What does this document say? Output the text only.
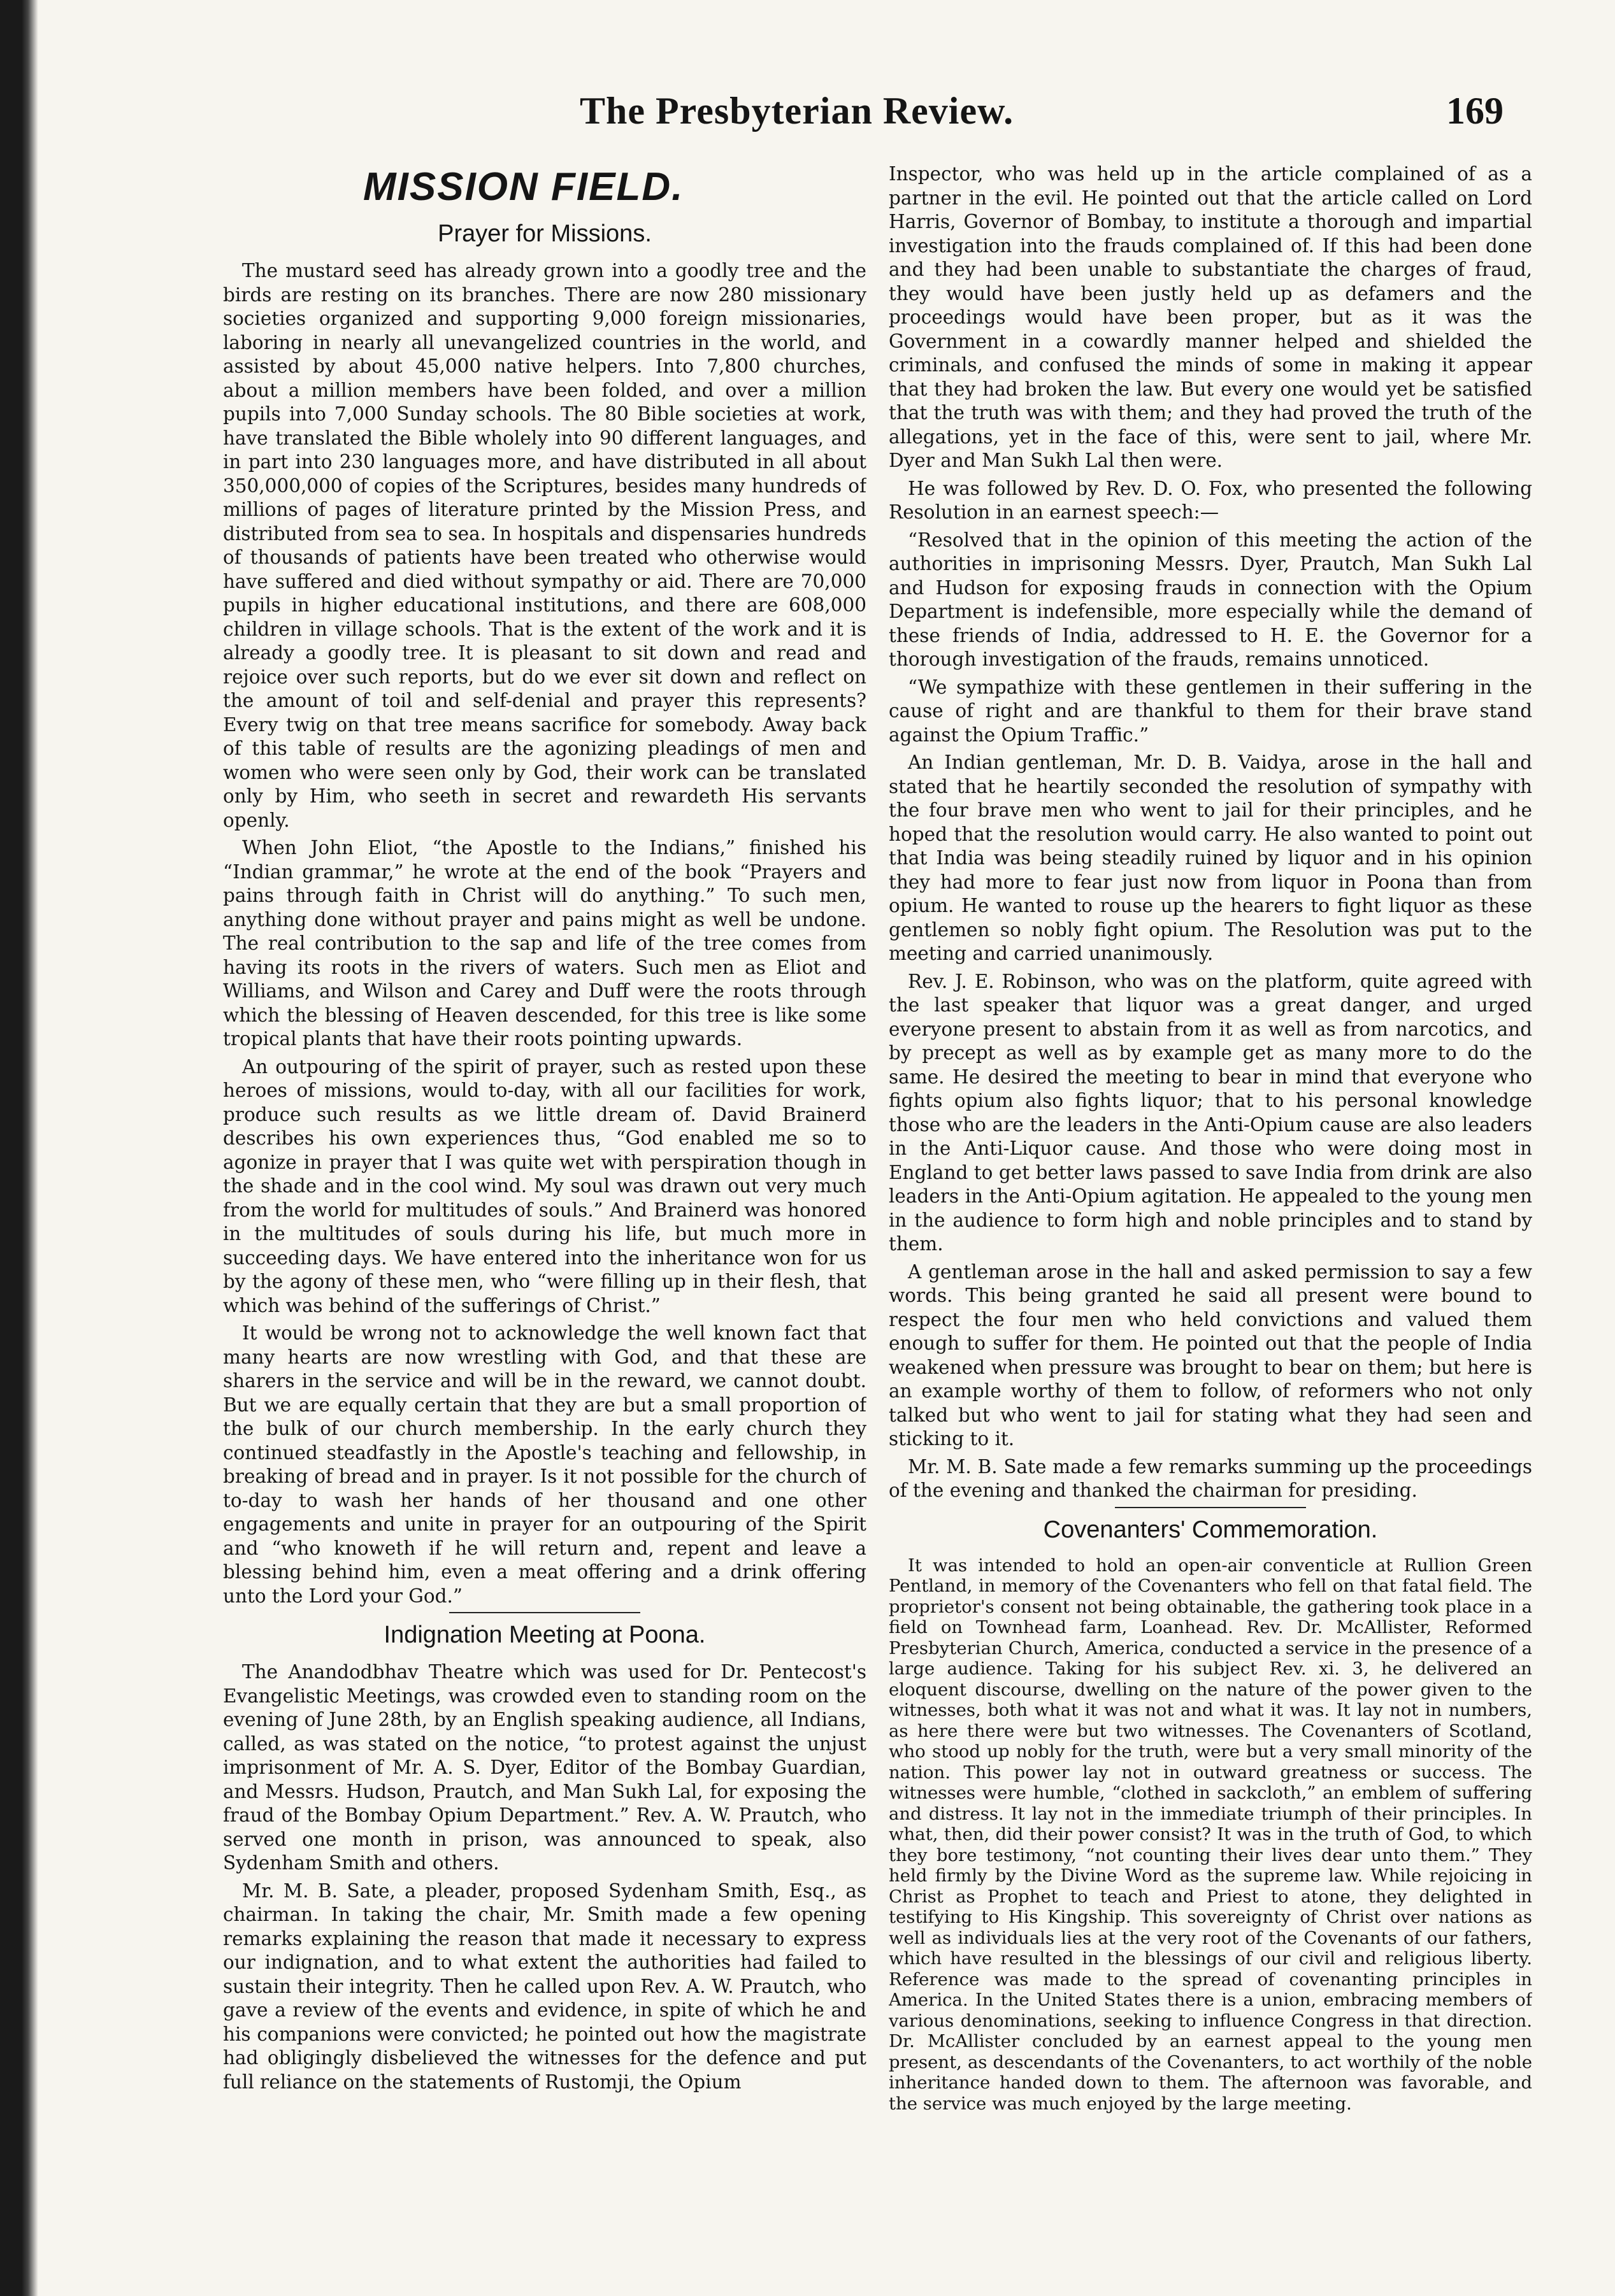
The Presbyterian Review.	169
MISSION FIELD.
Prayer for Missions.

The mustard seed has already grown into a goodly tree and the birds are resting on its branches. There are now 280 missionary societies organized and supporting 9,000 foreign missionaries, laboring in nearly all unevangelized countries in the world, and assisted by about 45,000 native helpers. Into 7,800 churches, about a million members have been folded, and over a million pupils into 7,000 Sunday schools. The 80 Bible societies at work, have translated the Bible wholely into 90 different languages, and in part into 230 languages more, and have distributed in all about 350,000,000 of copies of the Scriptures, besides many hundreds of millions of pages of literature printed by the Mission Press, and distributed from sea to sea. In hospitals and dispensaries hundreds of thousands of patients have been treated who otherwise would have suffered and died without sympathy or aid. There are 70,000 pupils in higher educational institutions, and there are 608,000 children in village schools. That is the extent of the work and it is already a goodly tree. It is pleasant to sit down and read and rejoice over such reports, but do we ever sit down and reflect on the amount of toil and self-denial and prayer this represents? Every twig on that tree means sacrifice for somebody. Away back of this table of results are the agonizing pleadings of men and women who were seen only by God, their work can be translated only by Him, who seeth in secret and rewardeth His servants openly.

When John Eliot, “the Apostle to the Indians,” finished his “Indian grammar,” he wrote at the end of the book “Prayers and pains through faith in Christ will do anything.” To such men, anything done without prayer and pains might as well be undone. The real contribution to the sap and life of the tree comes from having its roots in the rivers of waters. Such men as Eliot and Williams, and Wilson and Carey and Duff were the roots through which the blessing of Heaven descended, for this tree is like some tropical plants that have their roots pointing upwards.

An outpouring of the spirit of prayer, such as rested upon these heroes of missions, would to-day, with all our facilities for work, produce such results as we little dream of. David Brainerd describes his own experiences thus, “God enabled me so to agonize in prayer that I was quite wet with perspiration though in the shade and in the cool wind. My soul was drawn out very much from the world for multitudes of souls.” And Brainerd was honored in the multitudes of souls during his life, but much more in succeeding days. We have entered into the inheritance won for us by the agony of these men, who “were filling up in their flesh, that which was behind of the sufferings of Christ.”

It would be wrong not to acknowledge the well known fact that many hearts are now wrestling with God, and that these are sharers in the service and will be in the reward, we cannot doubt. But we are equally certain that they are but a small proportion of the bulk of our church membership. In the early church they continued steadfastly in the Apostle's teaching and fellowship, in breaking of bread and in prayer. Is it not possible for the church of to-day to wash her hands of her thousand and one other engagements and unite in prayer for an outpouring of the Spirit and “who knoweth if he will return and, repent and leave a blessing behind him, even a meat offering and a drink offering unto the Lord your God.”

Indignation Meeting at Poona.

The Anandodbhav Theatre which was used for Dr. Pentecost's Evangelistic Meetings, was crowded even to standing room on the evening of June 28th, by an English speaking audience, all Indians, called, as was stated on the notice, “to protest against the unjust imprisonment of Mr. A. S. Dyer, Editor of the Bombay Guardian, and Messrs. Hudson, Prautch, and Man Sukh Lal, for exposing the fraud of the Bombay Opium Department.” Rev. A. W. Prautch, who served one month in prison, was announced to speak, also Sydenham Smith and others.

Mr. M. B. Sate, a pleader, proposed Sydenham Smith, Esq., as chairman. In taking the chair, Mr. Smith made a few opening remarks explaining the reason that made it necessary to express our indignation, and to what extent the authorities had failed to sustain their integrity. Then he called upon Rev. A. W. Prautch, who gave a review of the events and evidence, in spite of which he and his companions were convicted; he pointed out how the magistrate had obligingly disbelieved the witnesses for the defence and put full reliance on the statements of Rustomji, the Opium

Inspector, who was held up in the article complained of as a partner in the evil. He pointed out that the article called on Lord Harris, Governor of Bombay, to institute a thorough and impartial investigation into the frauds complained of. If this had been done and they had been unable to substantiate the charges of fraud, they would have been justly held up as defamers and the proceedings would have been proper, but as it was the Government in a cowardly manner helped and shielded the criminals, and confused the minds of some in making it appear that they had broken the law. But every one would yet be satisfied that the truth was with them; and they had proved the truth of the allegations, yet in the face of this, were sent to jail, where Mr. Dyer and Man Sukh Lal then were.

He was followed by Rev. D. O. Fox, who presented the following Resolution in an earnest speech:—

“Resolved that in the opinion of this meeting the action of the authorities in imprisoning Messrs. Dyer, Prautch, Man Sukh Lal and Hudson for exposing frauds in connection with the Opium Department is indefensible, more especially while the demand of these friends of India, addressed to H. E. the Governor for a thorough investigation of the frauds, remains unnoticed.

“We sympathize with these gentlemen in their suffering in the cause of right and are thankful to them for their brave stand against the Opium Traffic.”

An Indian gentleman, Mr. D. B. Vaidya, arose in the hall and stated that he heartily seconded the resolution of sympathy with the four brave men who went to jail for their principles, and he hoped that the resolution would carry. He also wanted to point out that India was being steadily ruined by liquor and in his opinion they had more to fear just now from liquor in Poona than from opium. He wanted to rouse up the hearers to fight liquor as these gentlemen so nobly fight opium. The Resolution was put to the meeting and carried unanimously.

Rev. J. E. Robinson, who was on the platform, quite agreed with the last speaker that liquor was a great danger, and urged everyone present to abstain from it as well as from narcotics, and by precept as well as by example get as many more to do the same. He desired the meeting to bear in mind that everyone who fights opium also fights liquor; that to his personal knowledge those who are the leaders in the Anti-Opium cause are also leaders in the Anti-Liquor cause. And those who were doing most in England to get better laws passed to save India from drink are also leaders in the Anti-Opium agitation. He appealed to the young men in the audience to form high and noble principles and to stand by them.

A gentleman arose in the hall and asked permission to say a few words. This being granted he said all present were bound to respect the four men who held convictions and valued them enough to suffer for them. He pointed out that the people of India weakened when pressure was brought to bear on them; but here is an example worthy of them to follow, of reformers who not only talked but who went to jail for stating what they had seen and sticking to it.

Mr. M. B. Sate made a few remarks summing up the proceedings of the evening and thanked the chairman for presiding.

Covenanters' Commemoration.

It was intended to hold an open-air conventicle at Rullion Green Pentland, in memory of the Covenanters who fell on that fatal field. The proprietor's consent not being obtainable, the gathering took place in a field on Townhead farm, Loanhead. Rev. Dr. McAllister, Reformed Presbyterian Church, America, conducted a service in the presence of a large audience. Taking for his subject Rev. xi. 3, he delivered an eloquent discourse, dwelling on the nature of the power given to the witnesses, both what it was not and what it was. It lay not in numbers, as here there were but two witnesses. The Covenanters of Scotland, who stood up nobly for the truth, were but a very small minority of the nation. This power lay not in outward greatness or success. The witnesses were humble, “clothed in sackcloth,” an emblem of suffering and distress. It lay not in the immediate triumph of their principles. In what, then, did their power consist? It was in the truth of God, to which they bore testimony, “not counting their lives dear unto them.” They held firmly by the Divine Word as the supreme law. While rejoicing in Christ as Prophet to teach and Priest to atone, they delighted in testifying to His Kingship. This sovereignty of Christ over nations as well as individuals lies at the very root of the Covenants of our fathers, which have resulted in the blessings of our civil and religious liberty. Reference was made to the spread of covenanting principles in America. In the United States there is a union, embracing members of various denominations, seeking to influence Congress in that direction. Dr. McAllister concluded by an earnest appeal to the young men present, as descendants of the Covenanters, to act worthily of the noble inheritance handed down to them. The afternoon was favorable, and the service was much enjoyed by the large meeting.
